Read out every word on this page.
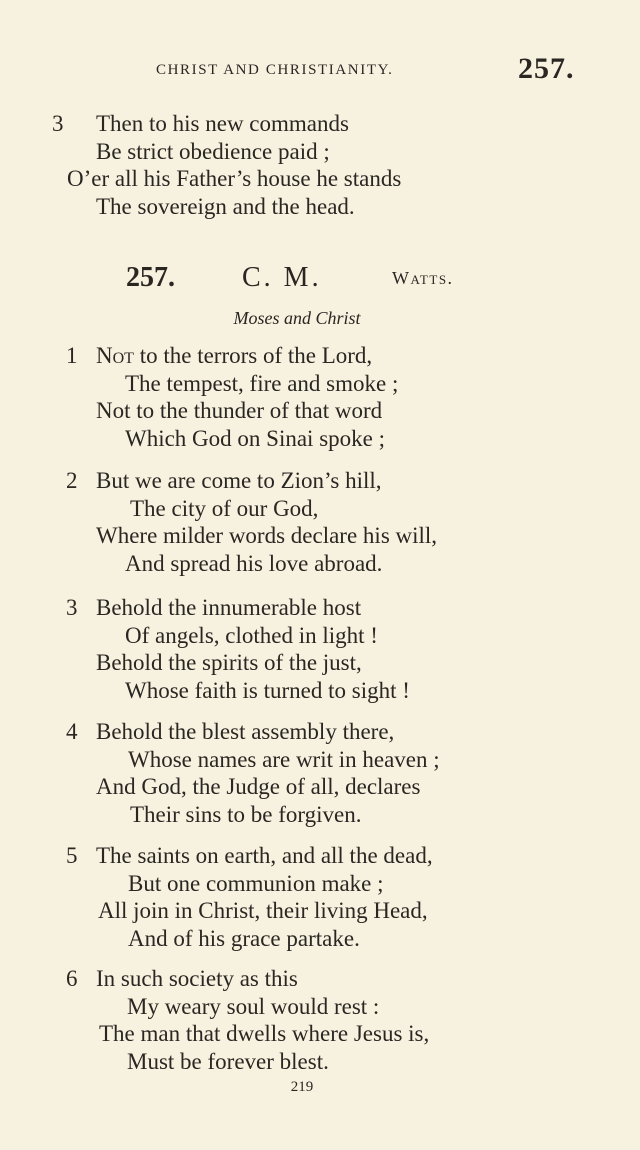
CHRIST AND CHRISTIANITY.	257.
3 Then to his new commands
Be strict obedience paid ;
O’er all his Father’s house he stands
The sovereign and the head.
257. C. M.	Watts.
Moses and Christ
1 Not to the terrors of the Lord,
The tempest, fire and smoke ;
Not to the thunder of that word
Which God on Sinai spoke ;
2 But we are come to Zion’s hill,
The city of our God,
Where milder words declare his will,
And spread his love abroad.
3 Behold the innumerable host
Of angels, clothed in light !
Behold the spirits of the just,
Whose faith is turned to sight !
4 Behold the blest assembly there,
Whose names are writ in heaven ;
And God, the Judge of all, declares
Their sins to be forgiven.
5 The saints on earth, and all the dead,
But one communion make ;
All join in Christ, their living Head,
And of his grace partake.
6 In such society as this
My weary soul would rest :
The man that dwells where Jesus is,
Must be forever blest.
219
